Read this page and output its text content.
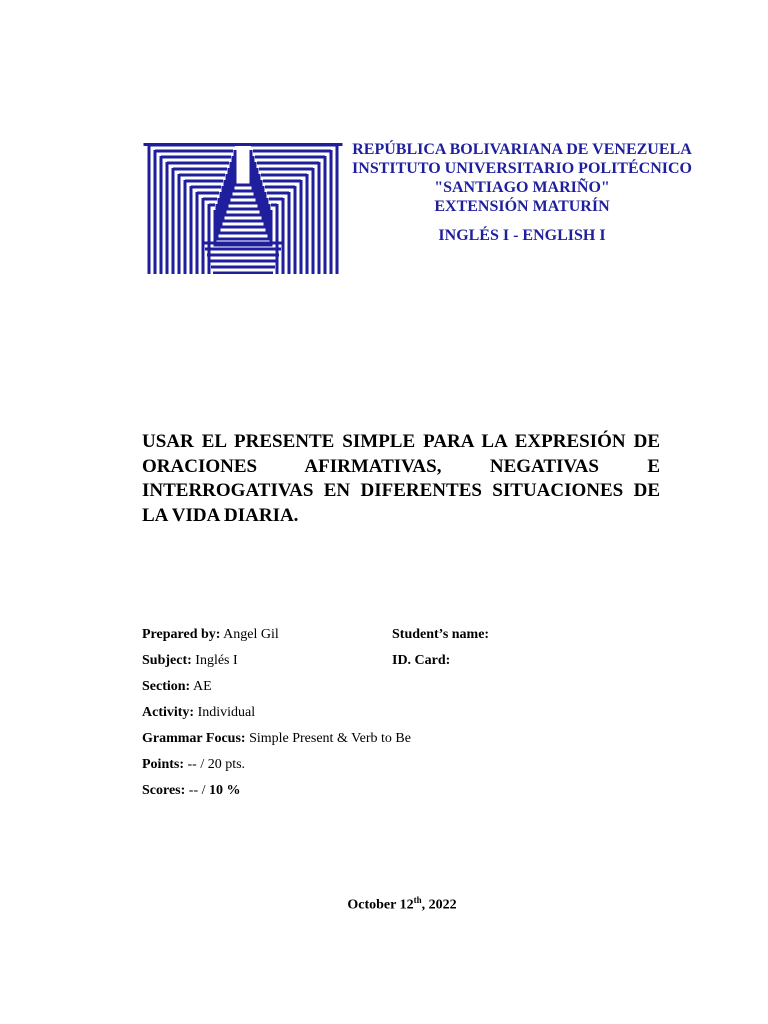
REPÚBLICA BOLIVARIANA DE VENEZUELA
INSTITUTO UNIVERSITARIO POLITÉCNICO
"SANTIAGO MARIÑO"
EXTENSIÓN MATURÍN
INGLÉS I - ENGLISH I
USAR EL PRESENTE SIMPLE PARA LA EXPRESIÓN DE ORACIONES AFIRMATIVAS, NEGATIVAS E INTERROGATIVAS EN DIFERENTES SITUACIONES DE LA VIDA DIARIA.
Prepared by: Angel Gil	Student’s name:
Subject: Inglés I	ID. Card:
Section: AE
Activity: Individual
Grammar Focus: Simple Present & Verb to Be
Points: -- / 20 pts.
Scores: -- / 10 %
October 12th, 2022
